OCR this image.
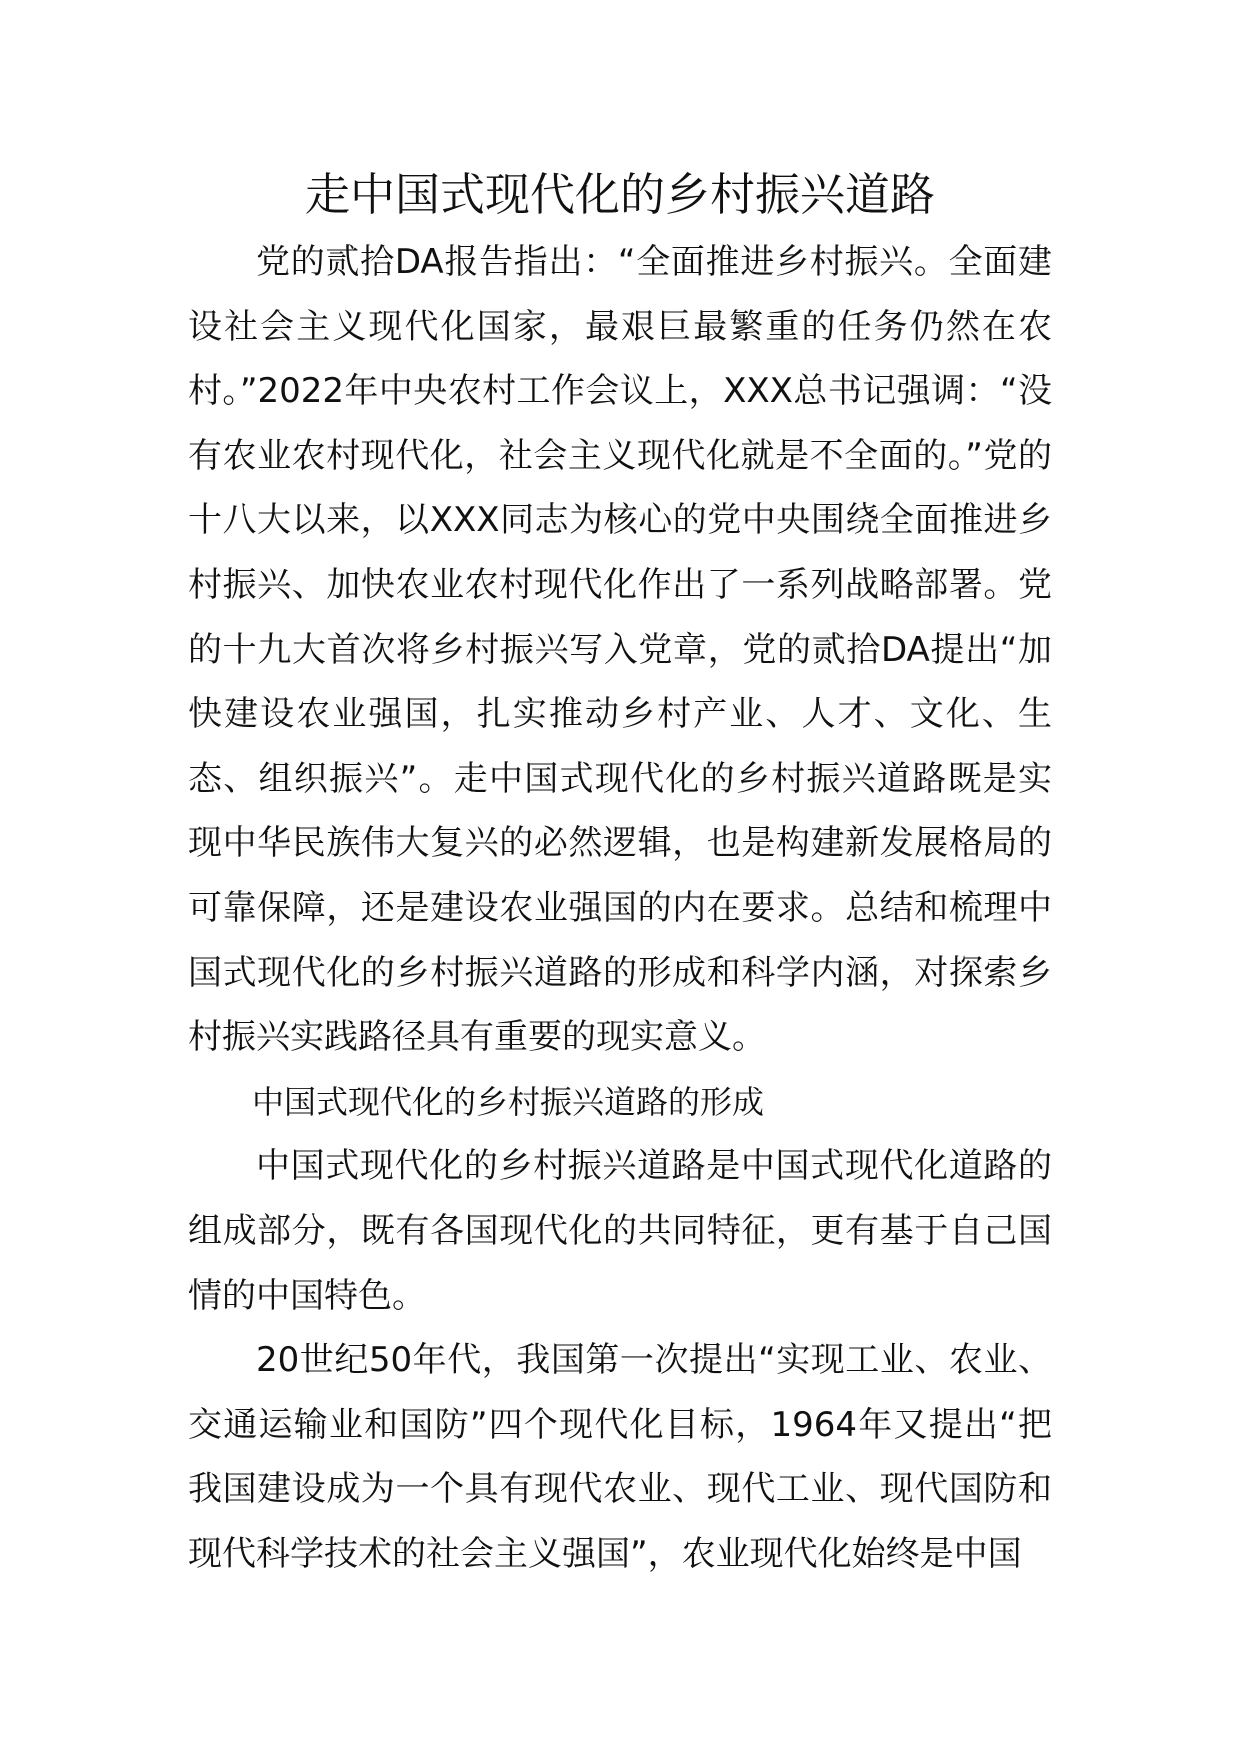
走中国式现代化的乡村振兴道路

党的贰拾DA报告指出：“全面推进乡村振兴。全面建设社会主义现代化国家，最艰巨最繁重的任务仍然在农村。”2022年中央农村工作会议上，XXX总书记强调：“没有农业农村现代化，社会主义现代化就是不全面的。”党的十八大以来，以XXX同志为核心的党中央围绕全面推进乡村振兴、加快农业农村现代化作出了一系列战略部署。党的十九大首次将乡村振兴写入党章，党的贰拾DA提出“加快建设农业强国，扎实推动乡村产业、人才、文化、生态、组织振兴”。走中国式现代化的乡村振兴道路既是实现中华民族伟大复兴的必然逻辑，也是构建新发展格局的可靠保障，还是建设农业强国的内在要求。总结和梳理中国式现代化的乡村振兴道路的形成和科学内涵，对探索乡村振兴实践路径具有重要的现实意义。

中国式现代化的乡村振兴道路的形成

中国式现代化的乡村振兴道路是中国式现代化道路的组成部分，既有各国现代化的共同特征，更有基于自己国情的中国特色。

20世纪50年代，我国第一次提出“实现工业、农业、交通运输业和国防”四个现代化目标，1964年又提出“把我国建设成为一个具有现代农业、现代工业、现代国防和现代科学技术的社会主义强国”，农业现代化始终是中国
